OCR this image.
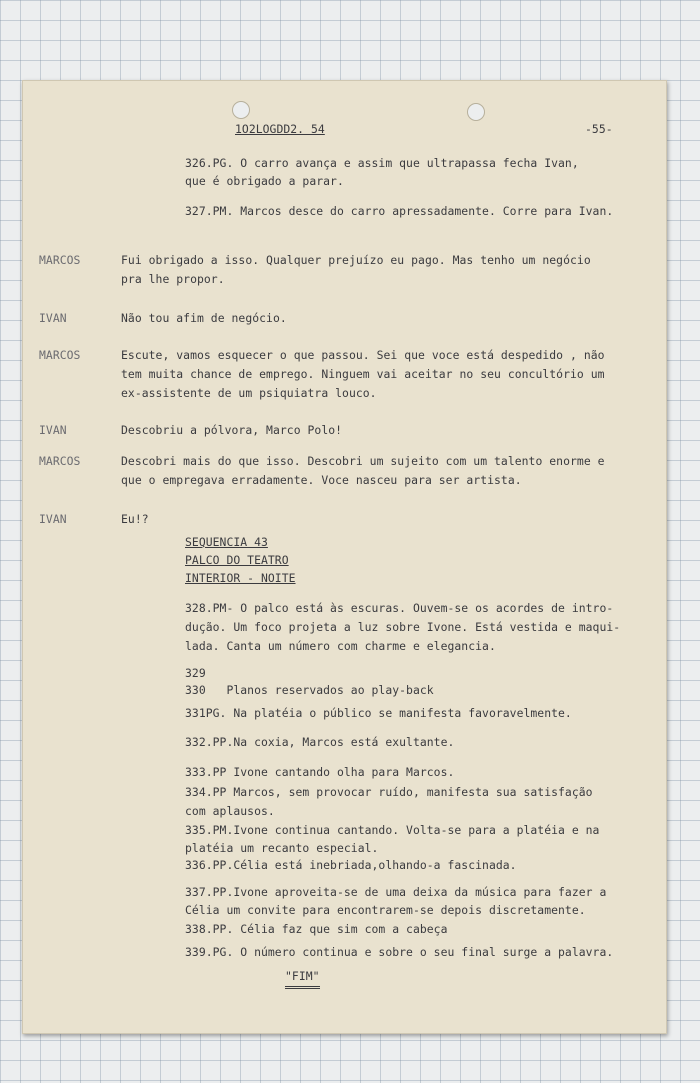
1O2LOGDD2. 54	-55-
326.PG. O carro avança e assim que ultrapassa fecha Ivan,
que é obrigado a parar.
327.PM. Marcos desce do carro apressadamente. Corre para Ivan.
MARCOS	Fui obrigado a isso. Qualquer prejuízo eu pago. Mas tenho um negócio
pra lhe propor.
IVAN	Não tou afim de negócio.
MARCOS	Escute, vamos esquecer o que passou. Sei que voce está despedido , não
tem muita chance de emprego. Ninguem vai aceitar no seu concultório um
ex-assistente de um psiquiatra louco.
IVAN	Descobriu a pólvora, Marco Polo!
MARCOS	Descobri mais do que isso. Descobri um sujeito com um talento enorme e
que o empregava erradamente. Voce nasceu para ser artista.
IVAN	Eu!?
SEQUENCIA 43
PALCO DO TEATRO
INTERIOR - NOITE
328.PM- O palco está às escuras. Ouvem-se os acordes de intro-
dução. Um foco projeta a luz sobre Ivone. Está vestida e maqui-
lada. Canta um número com charme e elegancia.
329
330   Planos reservados ao play-back
331PG. Na platéia o público se manifesta favoravelmente.
332.PP.Na coxia, Marcos está exultante.
333.PP Ivone cantando olha para Marcos.
334.PP Marcos, sem provocar ruído, manifesta sua satisfação
com aplausos.
335.PM.Ivone continua cantando. Volta-se para a platéia e na
platéia um recanto especial.
336.PP.Célia está inebriada,olhando-a fascinada.
337.PP.Ivone aproveita-se de uma deixa da música para fazer a
Célia um convite para encontrarem-se depois discretamente.
338.PP. Célia faz que sim com a cabeça
339.PG. O número continua e sobre o seu final surge a palavra.
"FIM"
